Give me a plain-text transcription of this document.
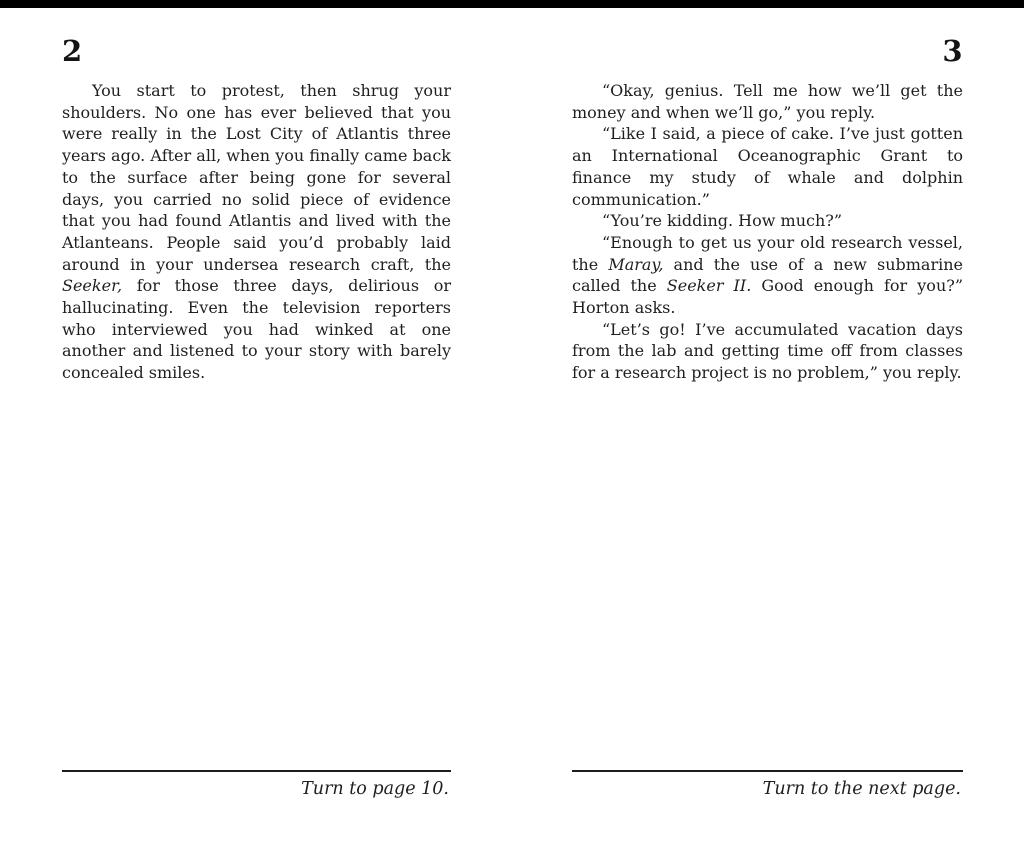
2

You start to protest, then shrug your shoulders. No one has ever believed that you were really in the Lost City of Atlantis three years ago. After all, when you finally came back to the surface after being gone for several days, you carried no solid piece of evidence that you had found Atlantis and lived with the Atlanteans. People said you’d probably laid around in your undersea research craft, the Seeker, for those three days, delirious or hallucinating. Even the television reporters who interviewed you had winked at one another and listened to your story with barely concealed smiles.

Turn to page 10.
3

“Okay, genius. Tell me how we’ll get the money and when we’ll go,” you reply.

“Like I said, a piece of cake. I’ve just gotten an International Oceanographic Grant to finance my study of whale and dolphin communication.”

“You’re kidding. How much?”

“Enough to get us your old research vessel, the Maray, and the use of a new submarine called the Seeker II. Good enough for you?” Horton asks.

“Let’s go! I’ve accumulated vacation days from the lab and getting time off from classes for a research project is no problem,” you reply.

Turn to the next page.
